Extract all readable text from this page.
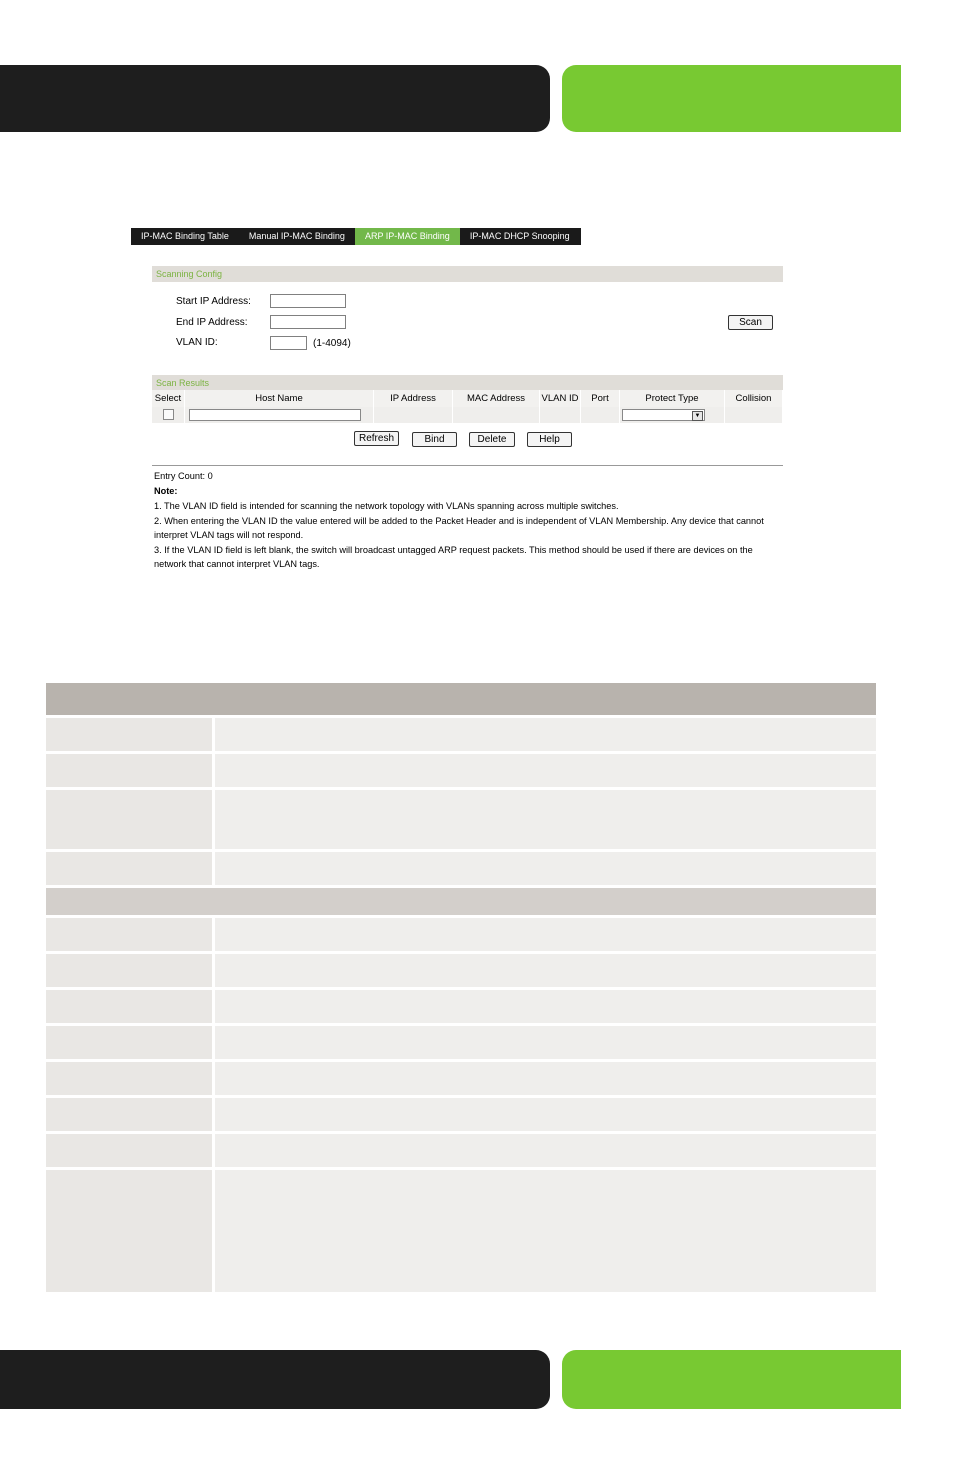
IP-MAC Binding Table	Manual IP-MAC Binding	ARP IP-MAC Binding	IP-MAC DHCP Snooping
Scanning Config
Start IP Address:
End IP Address:
VLAN ID:	(1-4094)
Scan
Scan Results
Select	Host Name	IP Address	MAC Address	VLAN ID	Port	Protect Type	Collision

▼	

Refresh	Bind	Delete	Help

Entry Count: 0

Note:

1. The VLAN ID field is intended for scanning the network topology with VLANs spanning across multiple switches.

2. When entering the VLAN ID the value entered will be added to the Packet Header and is independent of VLAN Membership. Any device that cannot interpret VLAN tags will not respond.

3. If the VLAN ID field is left blank, the switch will broadcast untagged ARP request packets. This method should be used if there are devices on the network that cannot interpret VLAN tags.
